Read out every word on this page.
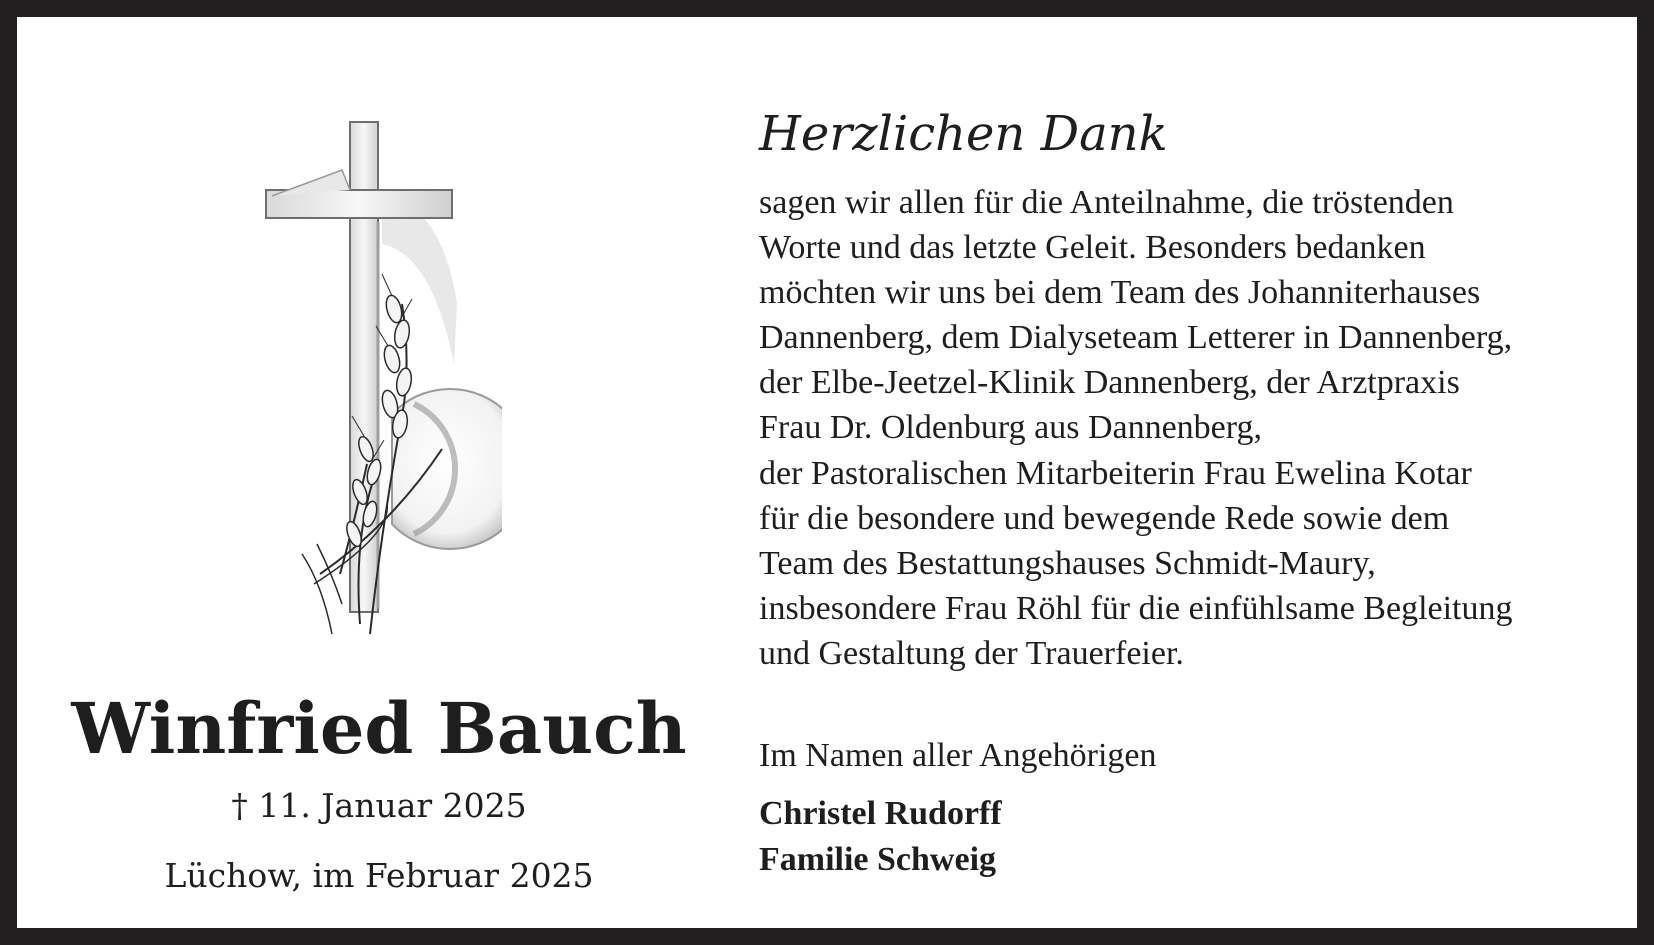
Winfried Bauch
† 11. Januar 2025
Lüchow, im Februar 2025
Herzlichen Dank
sagen wir allen für die Anteilnahme, die tröstenden
Worte und das letzte Geleit. Besonders bedanken
möchten wir uns bei dem Team des Johanniterhauses
Dannenberg, dem Dialyseteam Letterer in Dannenberg,
der Elbe-Jeetzel-Klinik Dannenberg, der Arztpraxis
Frau Dr. Oldenburg aus Dannenberg,
der Pastoralischen Mitarbeiterin Frau Ewelina Kotar
für die besondere und bewegende Rede sowie dem
Team des Bestattungshauses Schmidt-Maury,
insbesondere Frau Röhl für die einfühlsame Begleitung
und Gestaltung der Trauerfeier.
Im Namen aller Angehörigen
Christel Rudorff
Familie Schweig
